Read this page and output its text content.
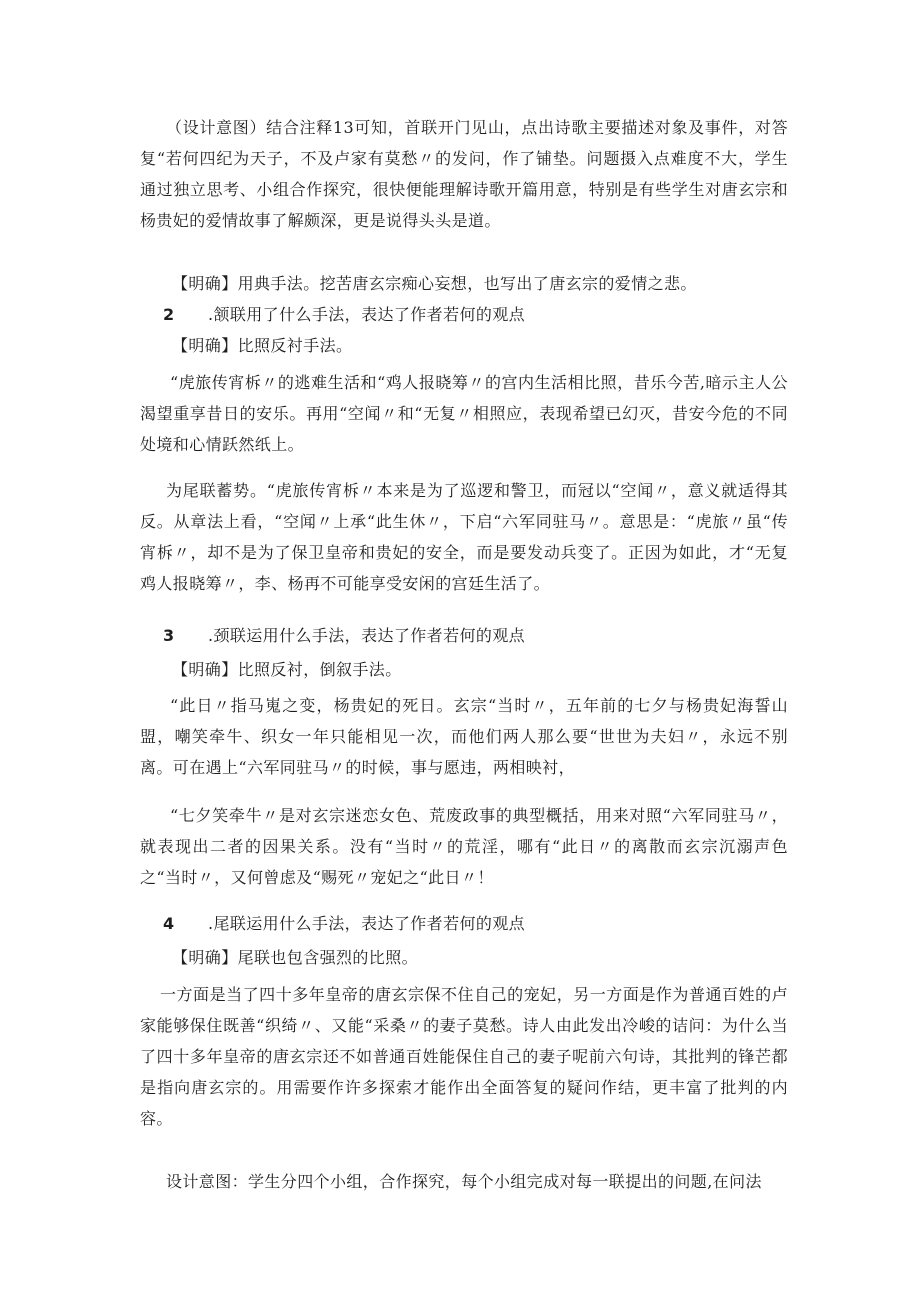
（设计意图）结合注释13可知，首联开门见山，点出诗歌主要描述对象及事件，对答复“若何四纪为天子，不及卢家有莫愁〃的发问，作了铺垫。问题摄入点难度不大，学生通过独立思考、小组合作探究，很快便能理解诗歌开篇用意，特别是有些学生对唐玄宗和杨贵妃的爱情故事了解颇深，更是说得头头是道。

【明确】用典手法。挖苦唐玄宗痴心妄想，也写出了唐玄宗的爱情之悲。

2 .颔联用了什么手法，表达了作者若何的观点

【明确】比照反衬手法。

“虎旅传宵柝〃的逃难生活和“鸡人报晓筹〃的宫内生活相比照，昔乐今苦,暗示主人公渴望重享昔日的安乐。再用“空闻〃和“无复〃相照应，表现希望已幻灭，昔安今危的不同处境和心情跃然纸上。

为尾联蓄势。“虎旅传宵柝〃本来是为了巡逻和警卫，而冠以“空闻〃，意义就适得其反。从章法上看，“空闻〃上承“此生休〃，下启“六军同驻马〃。意思是：“虎旅〃虽“传宵柝〃，却不是为了保卫皇帝和贵妃的安全，而是要发动兵变了。正因为如此，才“无复鸡人报晓筹〃，李、杨再不可能享受安闲的宫廷生活了。

3 .颈联运用什么手法，表达了作者若何的观点

【明确】比照反衬，倒叙手法。

“此日〃指马嵬之变，杨贵妃的死日。玄宗“当时〃，五年前的七夕与杨贵妃海誓山盟，嘲笑牵牛、织女一年只能相见一次，而他们两人那么要“世世为夫妇〃，永远不别离。可在遇上“六军同驻马〃的时候，事与愿违，两相映衬，

“七夕笑牵牛〃是对玄宗迷恋女色、荒废政事的典型概括，用来对照“六军同驻马〃，就表现出二者的因果关系。没有“当时〃的荒淫，哪有“此日〃的离散而玄宗沉溺声色之“当时〃，又何曾虑及“赐死〃宠妃之“此日〃！

4 .尾联运用什么手法，表达了作者若何的观点

【明确】尾联也包含强烈的比照。

一方面是当了四十多年皇帝的唐玄宗保不住自己的宠妃，另一方面是作为普通百姓的卢家能够保住既善“织绮〃、又能“采桑〃的妻子莫愁。诗人由此发出冷峻的诘问：为什么当了四十多年皇帝的唐玄宗还不如普通百姓能保住自己的妻子呢前六句诗，其批判的锋芒都是指向唐玄宗的。用需要作许多探索才能作出全面答复的疑问作结，更丰富了批判的内容。

设计意图：学生分四个小组，合作探究，每个小组完成对每一联提出的问题,在问法
